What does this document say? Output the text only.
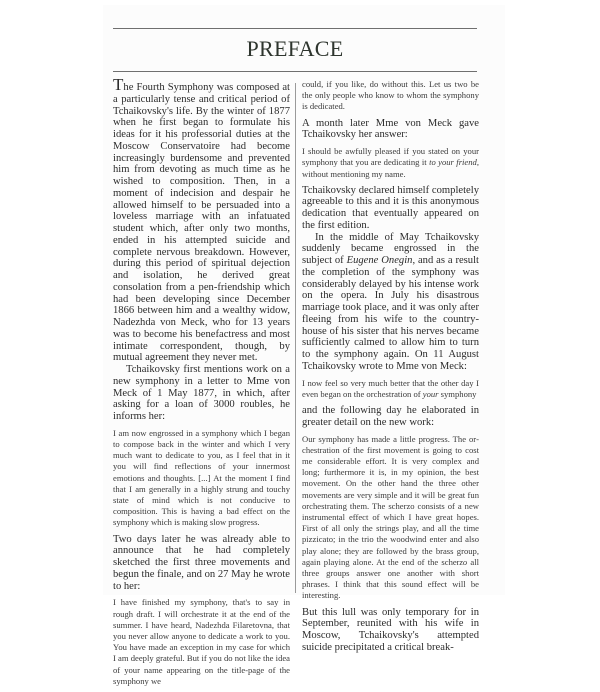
PREFACE

The Fourth Symphony was composed at a particularly tense and critical period of Tchaikovsky's life. By the winter of 1877 when he first began to formulate his ideas for it his professorial duties at the Moscow Conservatoire had become increasingly burdensome and prevented him from devoting as much time as he wished to composition. Then, in a moment of indecision and despair he allowed himself to be persuaded into a loveless marriage with an infatuated student which, after only two months, ended in his attempted suicide and complete nervous breakdown. However, during this period of spiritual dejection and isolation, he derived great consolation from a pen-friendship which had been developing since December 1866 between him and a wealthy widow, Nadezhda von Meck, who for 13 years was to become his benefactress and most intimate correspondent, though, by mutual agreement they never met.

Tchaikovsky first mentions work on a new symphony in a letter to Mme von Meck of 1 May 1877, in which, after asking for a loan of 3000 roubles, he informs her:

I am now engrossed in a symphony which I began to compose back in the winter and which I very much want to dedicate to you, as I feel that in it you will find reflections of your innermost emotions and thoughts. [...] At the moment I find that I am generally in a highly strung and touchy state of mind which is not conducive to composition. This is having a bad effect on the symphony which is making slow progress.

Two days later he was already able to announce that he had completely sketched the first three movements and begun the finale, and on 27 May he wrote to her:

I have finished my symphony, that's to say in rough draft. I will orchestrate it at the end of the summer. I have heard, Nadezhda Filaretovna, that you never allow anyone to dedicate a work to you. You have made an exception in my case for which I am deeply grateful. But if you do not like the idea of your name appearing on the title-page of the symphony we

could, if you like, do without this. Let us two be the only people who know to whom the symphony is dedicated.

A month later Mme von Meck gave Tchaikovsky her answer:

I should be awfully pleased if you stated on your symphony that you are dedicating it to your friend, without mentioning my name.

Tchaikovsky declared himself completely agreeable to this and it is this anonymous dedication that eventually appeared on the first edition.

In the middle of May Tchaikovsky suddenly became engrossed in the subject of Eugene Onegin, and as a result the completion of the symphony was considerably delayed by his intense work on the opera. In July his disastrous marriage took place, and it was only after fleeing from his wife to the country-house of his sister that his nerves became sufficiently calmed to allow him to turn to the symphony again. On 11 August Tchaikovsky wrote to Mme von Meck:

I now feel so very much better that the other day I even began on the orchestration of your symphony

and the following day he elaborated in greater detail on the new work:

Our symphony has made a little progress. The orchestration of the first movement is going to cost me considerable effort. It is very complex and long; furthermore it is, in my opinion, the best movement. On the other hand the three other movements are very simple and it will be great fun orchestrating them. The scherzo consists of a new instrumental effect of which I have great hopes. First of all only the strings play, and all the time pizzicato; in the trio the woodwind enter and also play alone; they are followed by the brass group, again playing alone. At the end of the scherzo all three groups answer one another with short phrases. I think that this sound effect will be interesting.

But this lull was only temporary for in September, reunited with his wife in Moscow, Tchaikovsky's attempted suicide precipitated a critical break-
